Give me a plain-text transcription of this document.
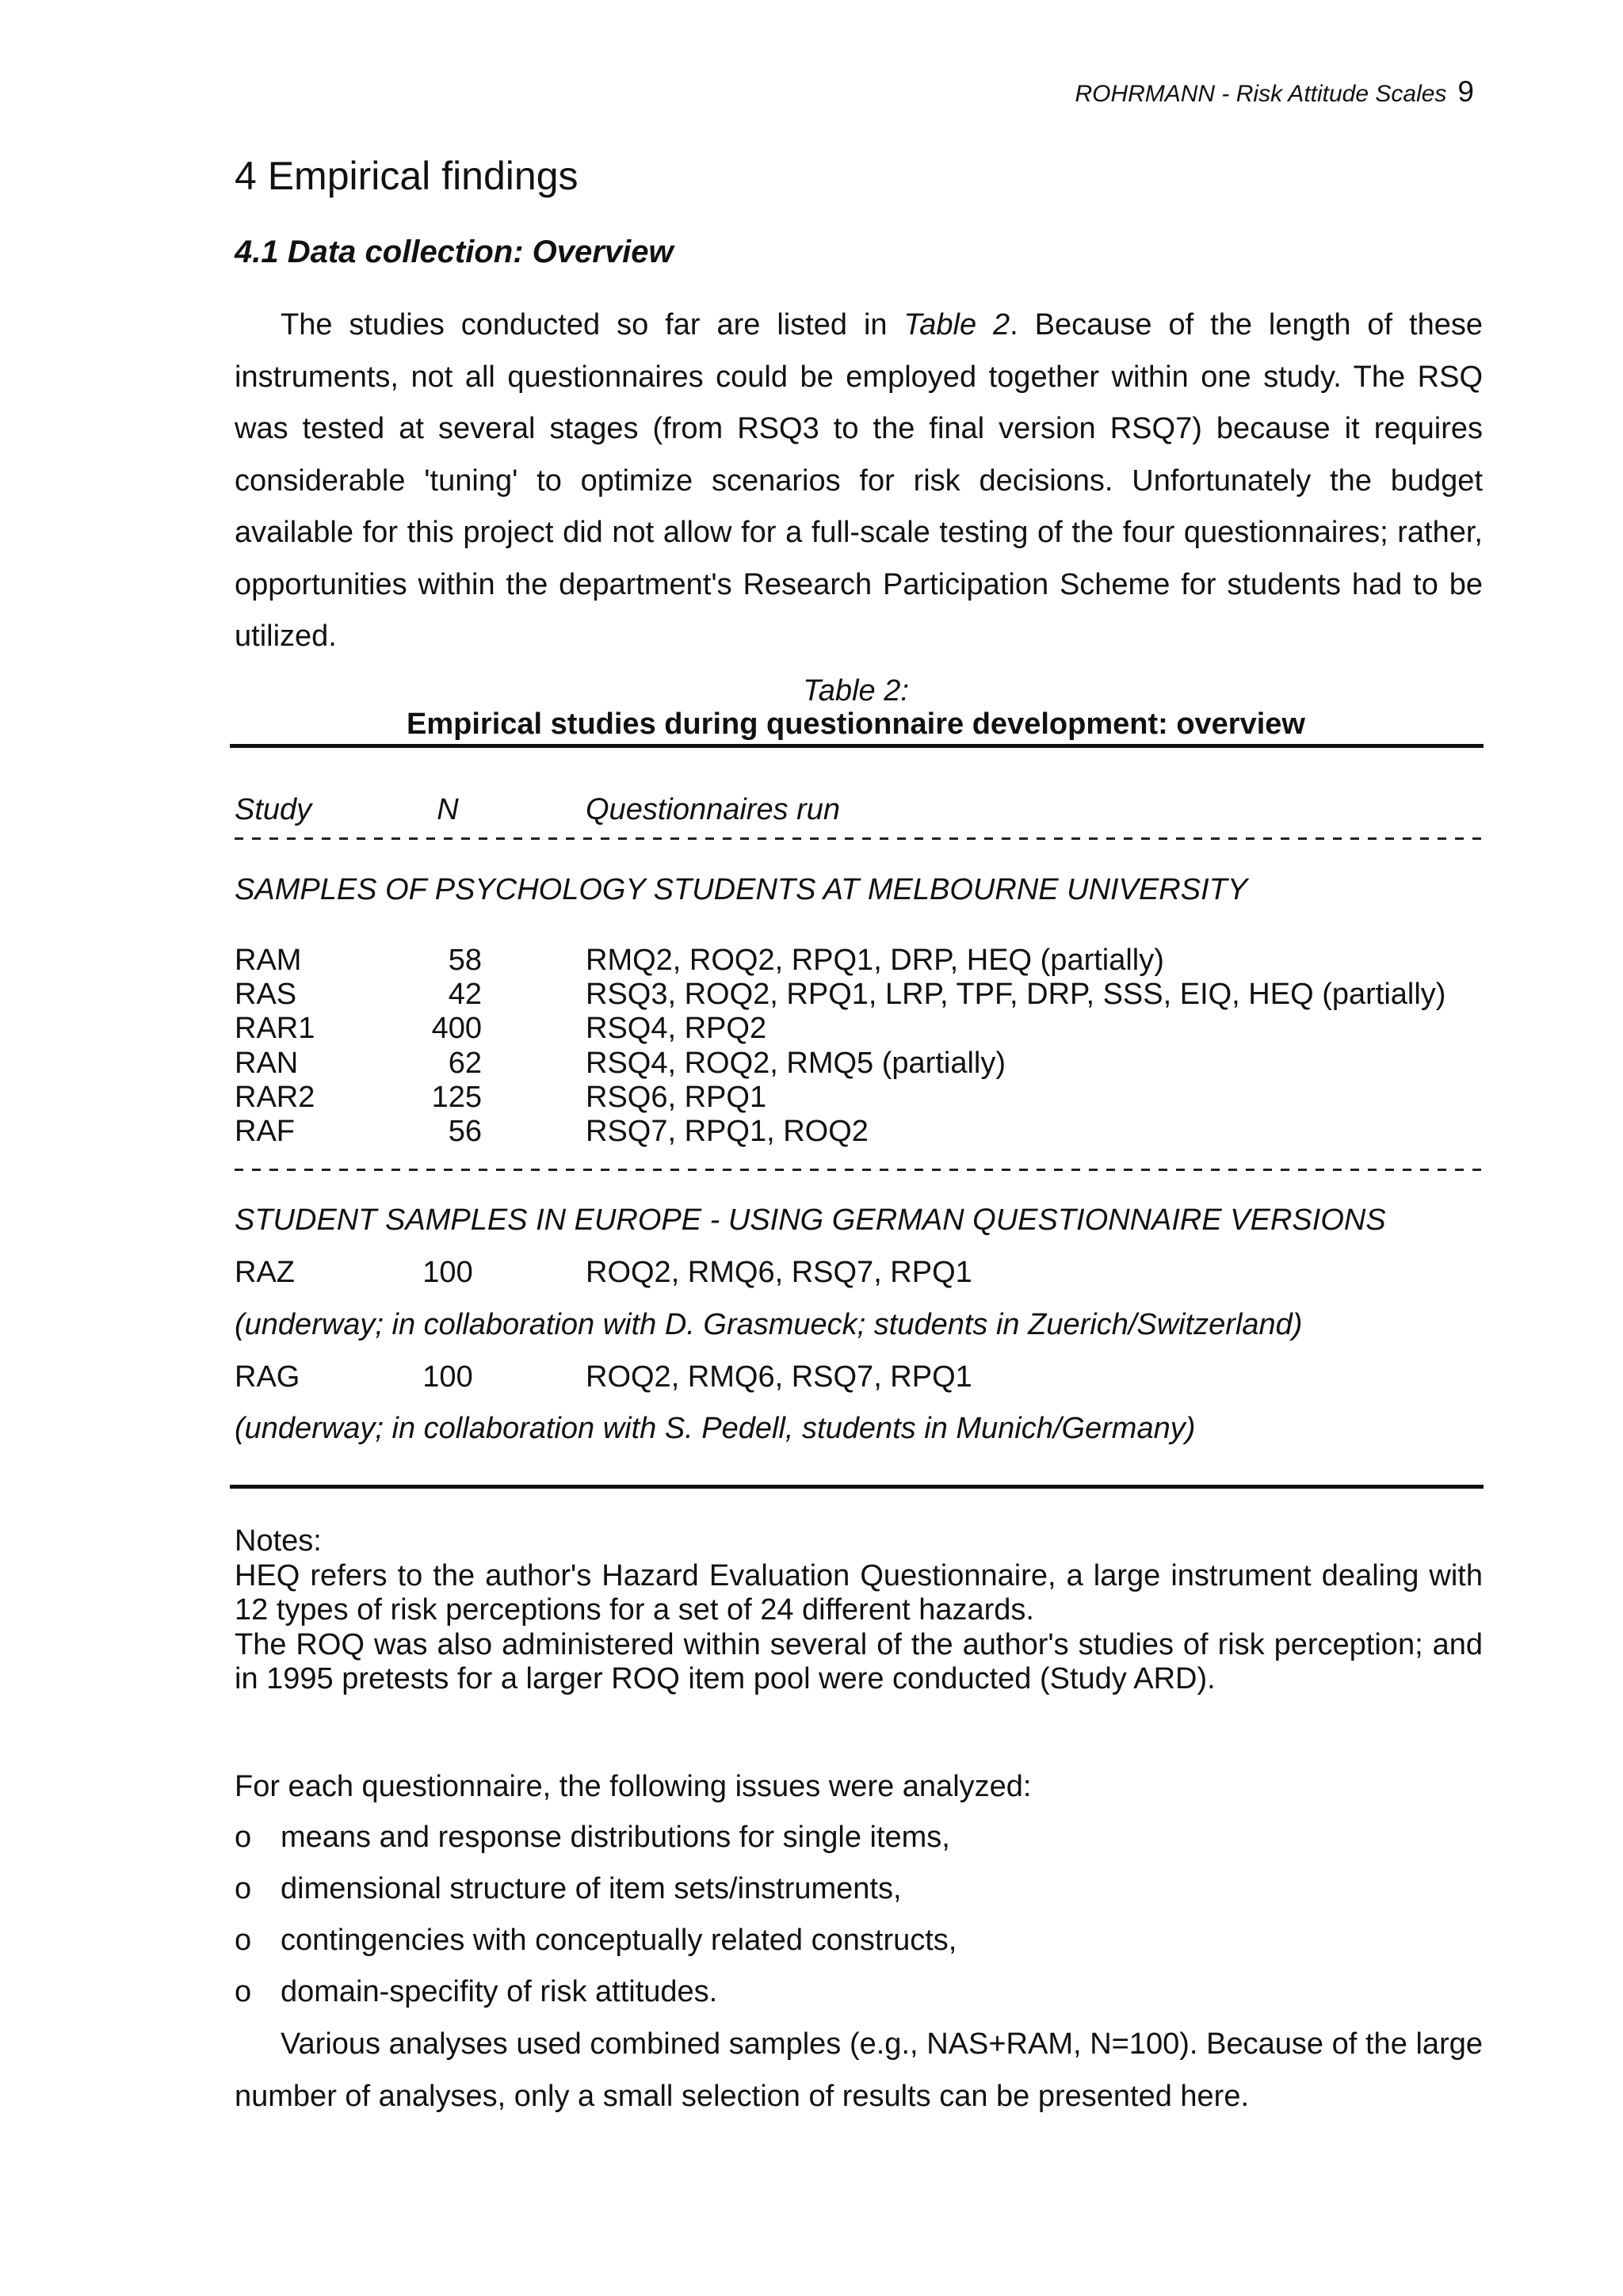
ROHRMANN - Risk Attitude Scales 9
4 Empirical findings
4.1 Data collection: Overview

The studies conducted so far are listed in Table 2. Because of the length of these instruments, not all questionnaires could be employed together within one study. The RSQ was tested at several stages (from RSQ3 to the final version RSQ7) because it requires considerable 'tuning' to optimize scenarios for risk decisions. Unfortunately the budget available for this project did not allow for a full-scale testing of the four questionnaires; rather, opportunities within the department's Research Participation Scheme for students had to be utilized.

Table 2:
Empirical studies during questionnaire development: overview
Study	N	Questionnaires run
SAMPLES OF PSYCHOLOGY STUDENTS AT MELBOURNE UNIVERSITY
RAM	58	RMQ2, ROQ2, RPQ1, DRP, HEQ (partially)
RAS	42	RSQ3, ROQ2, RPQ1, LRP, TPF, DRP, SSS, EIQ, HEQ (partially)
RAR1	400	RSQ4, RPQ2
RAN	62	RSQ4, ROQ2, RMQ5 (partially)
RAR2	125	RSQ6, RPQ1
RAF	56	RSQ7, RPQ1, ROQ2
STUDENT SAMPLES IN EUROPE - USING GERMAN QUESTIONNAIRE VERSIONS
RAZ	100	ROQ2, RMQ6, RSQ7, RPQ1
(underway; in collaboration with D. Grasmueck; students in Zuerich/Switzerland)
RAG	100	ROQ2, RMQ6, RSQ7, RPQ1
(underway; in collaboration with S. Pedell, students in Munich/Germany)
Notes:
HEQ refers to the author's Hazard Evaluation Questionnaire, a large instrument dealing with 12 types of risk perceptions for a set of 24 different hazards.
The ROQ was also administered within several of the author's studies of risk perception; and in 1995 pretests for a larger ROQ item pool were conducted (Study ARD).
For each questionnaire, the following issues were analyzed:
o means and response distributions for single items,
o dimensional structure of item sets/instruments,
o contingencies with conceptually related constructs,
o domain-specifity of risk attitudes.

Various analyses used combined samples (e.g., NAS+RAM, N=100). Because of the large number of analyses, only a small selection of results can be presented here.
